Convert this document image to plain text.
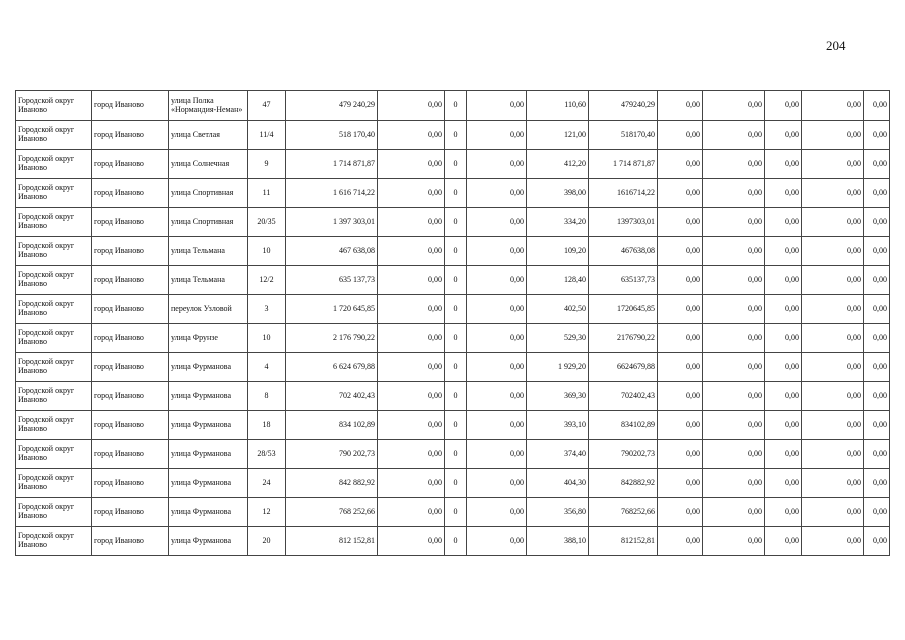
204
Городской округ Иваново	город Иваново	улица Полка «Нормандия-Неман»	47	479 240,29	0,00	0	0,00	110,60	479240,29	0,00	0,00	0,00	0,00	0,00
Городской округ Иваново	город Иваново	улица Светлая	11/4	518 170,40	0,00	0	0,00	121,00	518170,40	0,00	0,00	0,00	0,00	0,00
Городской округ Иваново	город Иваново	улица Солнечная	9	1 714 871,87	0,00	0	0,00	412,20	1 714 871,87	0,00	0,00	0,00	0,00	0,00
Городской округ Иваново	город Иваново	улица Спортивная	11	1 616 714,22	0,00	0	0,00	398,00	1616714,22	0,00	0,00	0,00	0,00	0,00
Городской округ Иваново	город Иваново	улица Спортивная	20/35	1 397 303,01	0,00	0	0,00	334,20	1397303,01	0,00	0,00	0,00	0,00	0,00
Городской округ Иваново	город Иваново	улица Тельмана	10	467 638,08	0,00	0	0,00	109,20	467638,08	0,00	0,00	0,00	0,00	0,00
Городской округ Иваново	город Иваново	улица Тельмана	12/2	635 137,73	0,00	0	0,00	128,40	635137,73	0,00	0,00	0,00	0,00	0,00
Городской округ Иваново	город Иваново	переулок Узловой	3	1 720 645,85	0,00	0	0,00	402,50	1720645,85	0,00	0,00	0,00	0,00	0,00
Городской округ Иваново	город Иваново	улица Фрунзе	10	2 176 790,22	0,00	0	0,00	529,30	2176790,22	0,00	0,00	0,00	0,00	0,00
Городской округ Иваново	город Иваново	улица Фурманова	4	6 624 679,88	0,00	0	0,00	1 929,20	6624679,88	0,00	0,00	0,00	0,00	0,00
Городской округ Иваново	город Иваново	улица Фурманова	8	702 402,43	0,00	0	0,00	369,30	702402,43	0,00	0,00	0,00	0,00	0,00
Городской округ Иваново	город Иваново	улица Фурманова	18	834 102,89	0,00	0	0,00	393,10	834102,89	0,00	0,00	0,00	0,00	0,00
Городской округ Иваново	город Иваново	улица Фурманова	28/53	790 202,73	0,00	0	0,00	374,40	790202,73	0,00	0,00	0,00	0,00	0,00
Городской округ Иваново	город Иваново	улица Фурманова	24	842 882,92	0,00	0	0,00	404,30	842882,92	0,00	0,00	0,00	0,00	0,00
Городской округ Иваново	город Иваново	улица Фурманова	12	768 252,66	0,00	0	0,00	356,80	768252,66	0,00	0,00	0,00	0,00	0,00
Городской округ Иваново	город Иваново	улица Фурманова	20	812 152,81	0,00	0	0,00	388,10	812152,81	0,00	0,00	0,00	0,00	0,00
